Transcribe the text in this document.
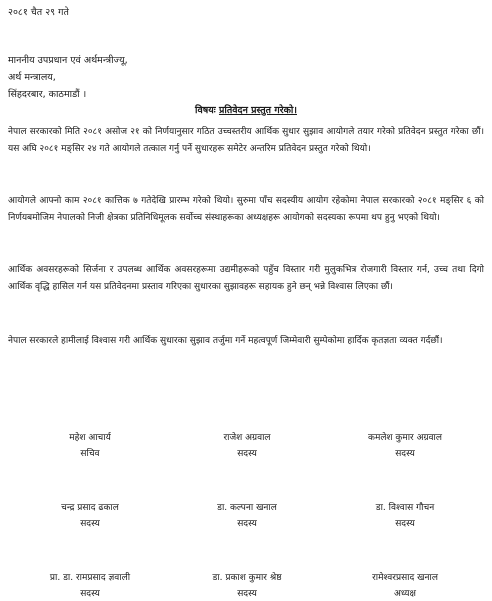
२०८१ चैत २९ गते
माननीय उपप्रधान एवं अर्थमन्त्रीज्यू,
अर्थ मन्त्रालय,
सिंहदरबार, काठमाडौं ।
विषयः प्रतिवेदन प्रस्तुत गरेको।
नेपाल सरकारको मिति २०८१ असोज २१ को निर्णयानुसार गठित उच्चस्तरीय आर्थिक सुधार सुझाव आयोगले तयार गरेको प्रतिवेदन प्रस्तुत गरेका छौं। यस अघि २०८१ मङ्सिर २४ गते आयोगले तत्काल गर्नु पर्ने सुधारहरू समेटेर अन्तरिम प्रतिवेदन प्रस्तुत गरेको थियो।
आयोगले आफ्नो काम २०८१ कात्तिक ७ गतेदेखि प्रारम्भ गरेको थियो। सुरुमा पाँच सदस्यीय आयोग रहेकोमा नेपाल सरकारको २०८१ मङ्सिर ६ को निर्णयबमोजिम नेपालको निजी क्षेत्रका प्रतिनिधिमूलक सर्वोच्च संस्थाहरूका अध्यक्षहरू आयोगको सदस्यका रूपमा थप हुनु भएको थियो।
आर्थिक अवसरहरूको सिर्जना र उपलब्ध आर्थिक अवसरहरूमा उद्यमीहरूको पहुँच विस्तार गरी मुलुकभित्र रोजगारी विस्तार गर्न, उच्च तथा दिगो आर्थिक वृद्धि हासिल गर्न यस प्रतिवेदनमा प्रस्ताव गरिएका सुधारका सुझावहरू सहायक हुने छन् भन्ने विश्वास लिएका छौं।
नेपाल सरकारले हामीलाई विश्वास गरी आर्थिक सुधारका सुझाव तर्जुमा गर्ने महत्वपूर्ण जिम्मेवारी सुम्पेकोमा हार्दिक कृतज्ञता व्यक्त गर्दछौं।
महेश आचार्य
सचिव
राजेश अग्रवाल
सदस्य
कमलेश कुमार अग्रवाल
सदस्य
चन्द्र प्रसाद ढकाल
सदस्य
डा. कल्पना खनाल
सदस्य
डा. विश्वास गौचन
सदस्य
प्रा. डा. रामप्रसाद ज्ञवाली
सदस्य
डा. प्रकाश कुमार श्रेष्ठ
सदस्य
रामेश्वरप्रसाद खनाल
अध्यक्ष
